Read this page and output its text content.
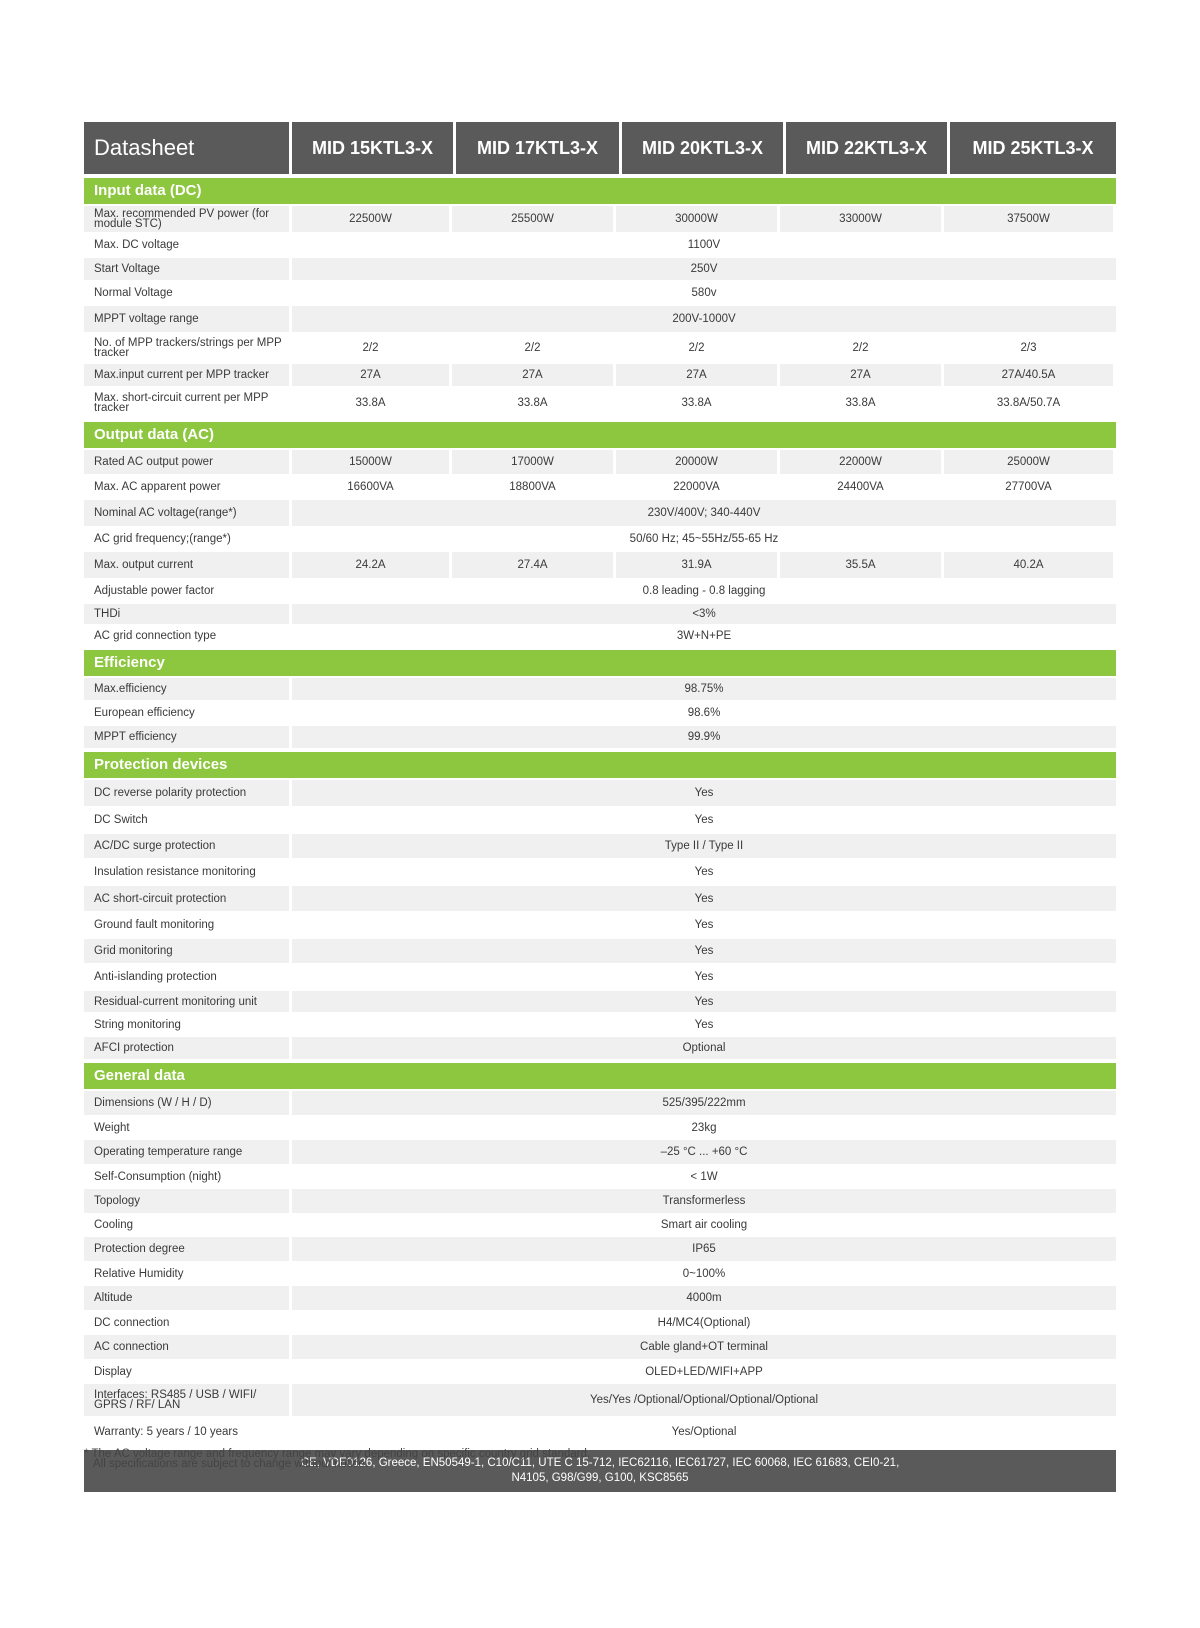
Datasheet	MID 15KTL3-X	MID 17KTL3-X	MID 20KTL3-X	MID 22KTL3-X	MID 25KTL3-X
Input data (DC)
Max. recommended PV power (for module STC)	22500W	25500W	30000W	33000W	37500W
Max. DC voltage	1100V
Start Voltage	250V
Normal Voltage	580v
MPPT voltage range	200V-1000V
No. of MPP trackers/strings per MPP tracker	2/2	2/2	2/2	2/2	2/3
Max.input current per MPP tracker	27A	27A	27A	27A	27A/40.5A
Max. short-circuit current per MPP tracker	33.8A	33.8A	33.8A	33.8A	33.8A/50.7A
Output data (AC)
Rated AC output power	15000W	17000W	20000W	22000W	25000W
Max. AC apparent power	16600VA	18800VA	22000VA	24400VA	27700VA
Nominal AC voltage(range*)	230V/400V; 340-440V
AC grid frequency;(range*)	50/60 Hz; 45~55Hz/55-65 Hz
Max. output current	24.2A	27.4A	31.9A	35.5A	40.2A
Adjustable power factor	0.8 leading - 0.8 lagging
THDi	<3%
AC grid connection type	3W+N+PE
Efficiency
Max.efficiency	98.75%
European efficiency	98.6%
MPPT efficiency	99.9%
Protection devices
DC reverse polarity protection	Yes
DC Switch	Yes
AC/DC surge protection	Type II / Type II
Insulation resistance monitoring	Yes
AC short-circuit protection	Yes
Ground fault monitoring	Yes
Grid monitoring	Yes
Anti-islanding protection	Yes
Residual-current monitoring unit	Yes
String monitoring	Yes
AFCI protection	Optional
General data
Dimensions (W / H / D)	525/395/222mm
Weight	23kg
Operating temperature range	–25 °C ... +60 °C
Self-Consumption (night)	< 1W
Topology	Transformerless
Cooling	Smart air cooling
Protection degree	IP65
Relative Humidity	0~100%
Altitude	4000m
DC connection	H4/MC4(Optional)
AC connection	Cable gland+OT terminal
Display	OLED+LED/WIFI+APP
Interfaces: RS485 / USB / WIFI/ GPRS / RF/ LAN	Yes/Yes /Optional/Optional/Optional/Optional
Warranty: 5 years / 10 years	Yes/Optional
CE, VDE0126, Greece, EN50549-1, C10/C11, UTE C 15-712, IEC62116, IEC61727, IEC 60068, IEC 61683, CEI0-21, N4105, G98/G99, G100, KSC8565
* The AC voltage range and frequency range may vary depending on specific country grid standard.
All specifications are subject to change without notice.
